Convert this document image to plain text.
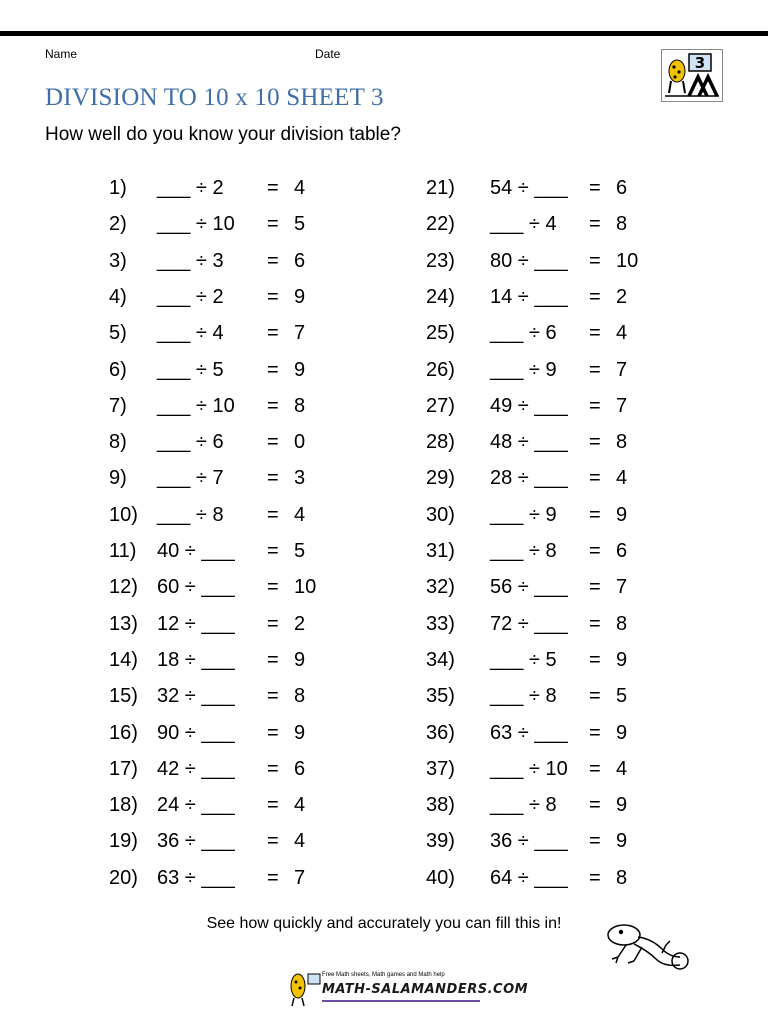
Name	Date
DIVISION TO 10 x 10 SHEET 3
How well do you know your division table?
3
1) ___ ÷ 2 = 4
2) ___ ÷ 10 = 5
3) ___ ÷ 3 = 6
4) ___ ÷ 2 = 9
5) ___ ÷ 4 = 7
6) ___ ÷ 5 = 9
7) ___ ÷ 10 = 8
8) ___ ÷ 6 = 0
9) ___ ÷ 7 = 3
10) ___ ÷ 8 = 4
11) 40 ÷ ___ = 5
12) 60 ÷ ___ = 10
13) 12 ÷ ___ = 2
14) 18 ÷ ___ = 9
15) 32 ÷ ___ = 8
16) 90 ÷ ___ = 9
17) 42 ÷ ___ = 6
18) 24 ÷ ___ = 4
19) 36 ÷ ___ = 4
20) 63 ÷ ___ = 7
21) 54 ÷ ___ = 6
22) ___ ÷ 4 = 8
23) 80 ÷ ___ = 10
24) 14 ÷ ___ = 2
25) ___ ÷ 6 = 4
26) ___ ÷ 9 = 7
27) 49 ÷ ___ = 7
28) 48 ÷ ___ = 8
29) 28 ÷ ___ = 4
30) ___ ÷ 9 = 9
31) ___ ÷ 8 = 6
32) 56 ÷ ___ = 7
33) 72 ÷ ___ = 8
34) ___ ÷ 5 = 9
35) ___ ÷ 8 = 5
36) 63 ÷ ___ = 9
37) ___ ÷ 10 = 4
38) ___ ÷ 8 = 9
39) 36 ÷ ___ = 9
40) 64 ÷ ___ = 8
See how quickly and accurately you can fill this in!
Free Math sheets, Math games and Math help
MATH-SALAMANDERS.COM
